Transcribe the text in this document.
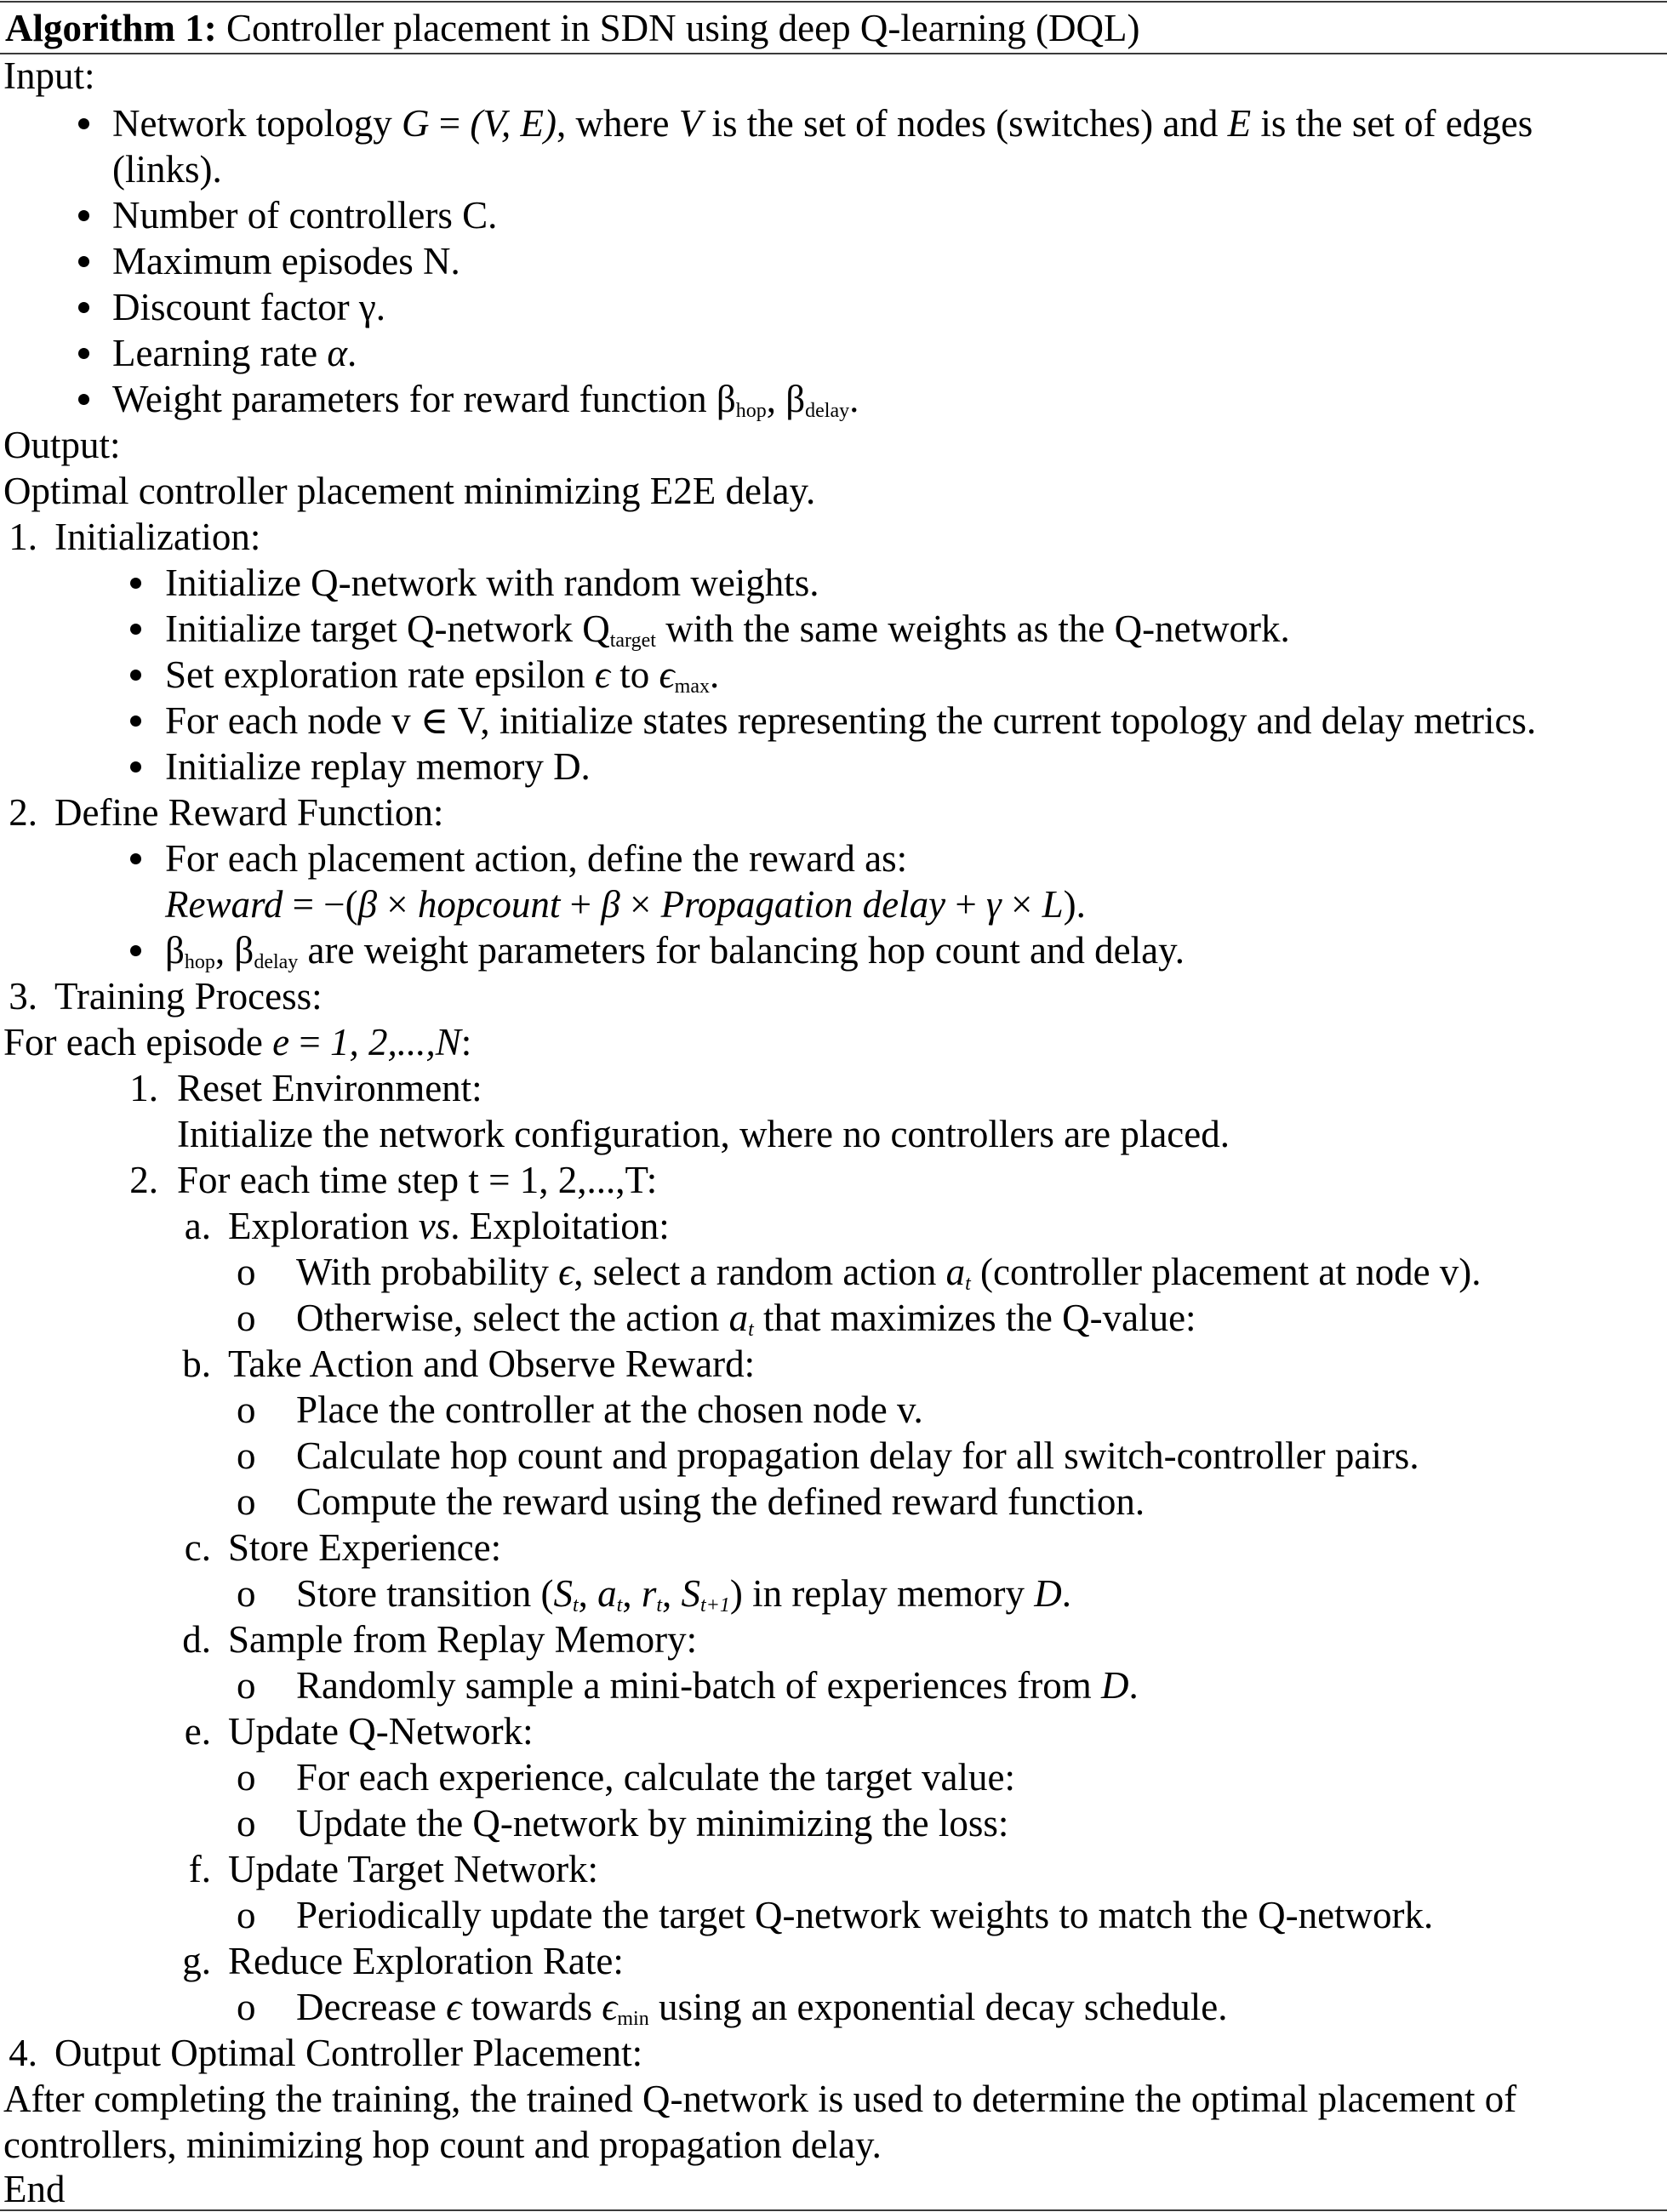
Algorithm 1: Controller placement in SDN using deep Q-learning (DQL)
Input:
Network topology G = (V, E), where V is the set of nodes (switches) and E is the set of edges
(links).
Number of controllers C.
Maximum episodes N.
Discount factor γ.
Learning rate α.
Weight parameters for reward function $\beta_{hop}$, $\beta_{delay}$.
Output:
Optimal controller placement minimizing E2E delay.
1. Initialization:
Initialize Q-network with random weights.
Initialize target Q-network $Q_{target}$ with the same weights as the Q-network.
Set exploration rate epsilon ϵ to $\epsilon_{max}$.
For each node v ∈ V, initialize states representing the current topology and delay metrics.
Initialize replay memory D.
2. Define Reward Function:
For each placement action, define the reward as:
Reward = −(β × hopcount + β × Propagation delay + γ × L).
$\beta_{hop}$, $\beta_{delay}$ are weight parameters for balancing hop count and delay.
3. Training Process:
For each episode e = 1, 2,...,N:
1. Reset Environment:
Initialize the network configuration, where no controllers are placed.
2. For each time step t = 1, 2,...,T:
a. Exploration vs. Exploitation:
o With probability ϵ, select a random action $a_t$ (controller placement at node v).
o Otherwise, select the action $a_t$ that maximizes the Q-value:
b. Take Action and Observe Reward:
o Place the controller at the chosen node v.
o Calculate hop count and propagation delay for all switch-controller pairs.
o Compute the reward using the defined reward function.
c. Store Experience:
o Store transition ($S_t$, $a_t$, $r_t$, $S_{t+1}$) in replay memory D.
d. Sample from Replay Memory:
o Randomly sample a mini-batch of experiences from D.
e. Update Q-Network:
o For each experience, calculate the target value:
o Update the Q-network by minimizing the loss:
f. Update Target Network:
o Periodically update the target Q-network weights to match the Q-network.
g. Reduce Exploration Rate:
o Decrease ϵ towards $\epsilon_{min}$ using an exponential decay schedule.
4. Output Optimal Controller Placement:
After completing the training, the trained Q-network is used to determine the optimal placement of
controllers, minimizing hop count and propagation delay.
End
